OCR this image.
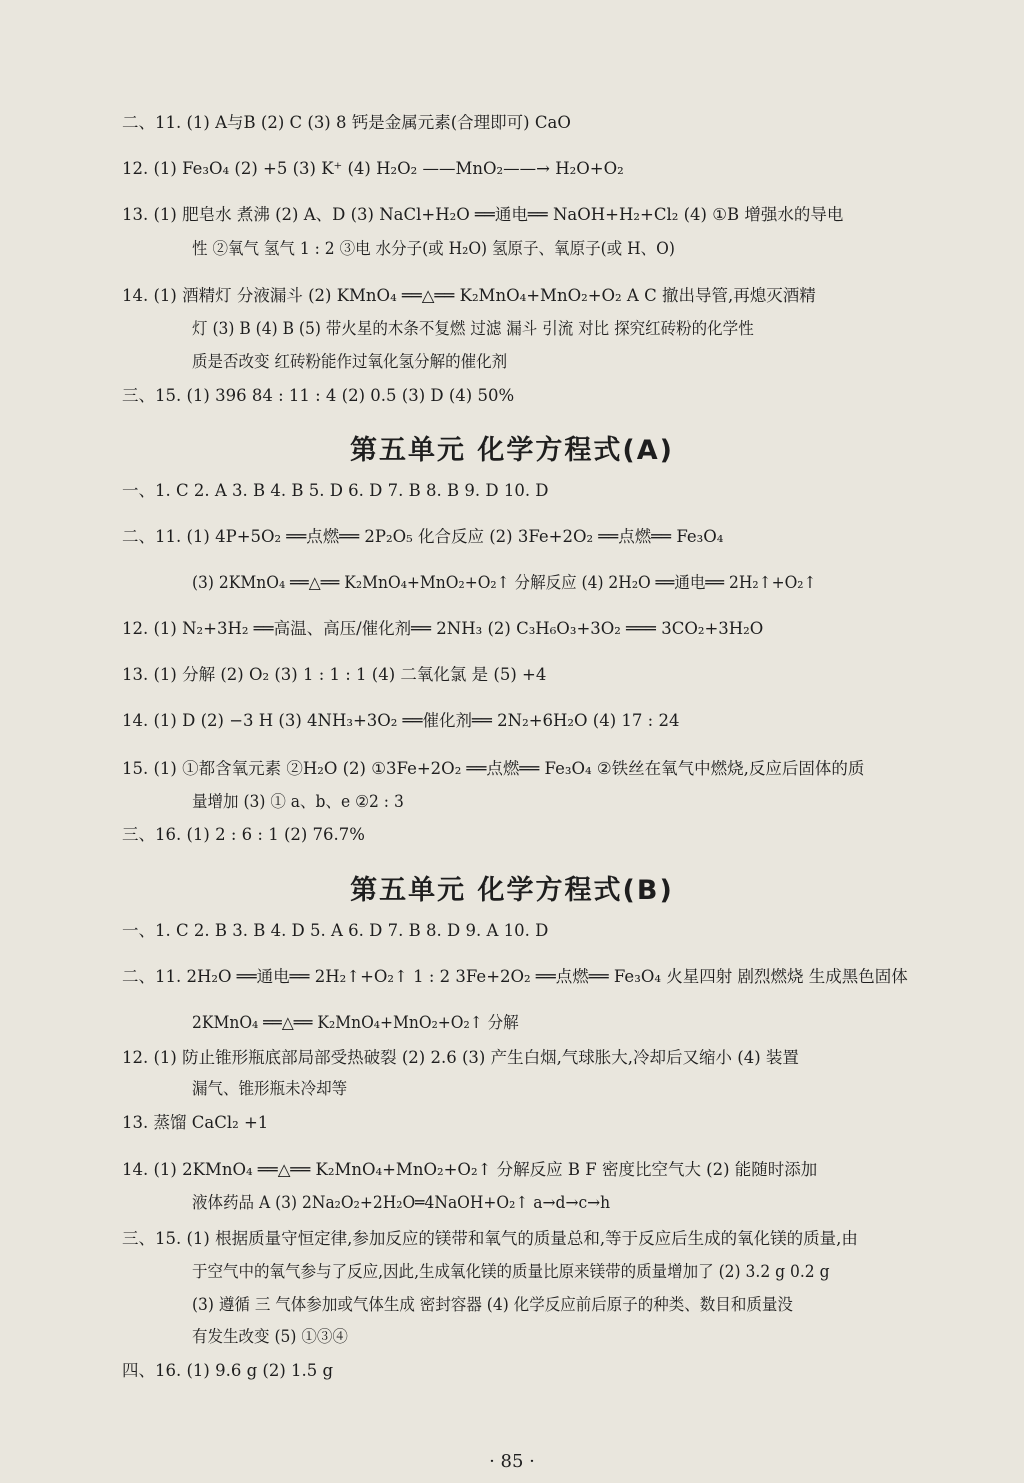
二、11. (1) A与B (2) C (3) 8 钙是金属元素(合理即可) CaO
12. (1) Fe₃O₄ (2) +5 (3) K⁺ (4) H₂O₂ ——MnO₂——→ H₂O+O₂
13. (1) 肥皂水 煮沸 (2) A、D (3) NaCl+H₂O ══通电══ NaOH+H₂+Cl₂ (4) ①B 增强水的导电
性 ②氧气 氢气 1 : 2 ③电 水分子(或 H₂O) 氢原子、氧原子(或 H、O)
14. (1) 酒精灯 分液漏斗 (2) KMnO₄ ══△══ K₂MnO₄+MnO₂+O₂ A C 撤出导管,再熄灭酒精
灯 (3) B (4) B (5) 带火星的木条不复燃 过滤 漏斗 引流 对比 探究红砖粉的化学性
质是否改变 红砖粉能作过氧化氢分解的催化剂
三、15. (1) 396 84 : 11 : 4 (2) 0.5 (3) D (4) 50%
第五单元 化学方程式(A)
一、1. C 2. A 3. B 4. B 5. D 6. D 7. B 8. B 9. D 10. D
二、11. (1) 4P+5O₂ ══点燃══ 2P₂O₅ 化合反应 (2) 3Fe+2O₂ ══点燃══ Fe₃O₄
(3) 2KMnO₄ ══△══ K₂MnO₄+MnO₂+O₂↑ 分解反应 (4) 2H₂O ══通电══ 2H₂↑+O₂↑
12. (1) N₂+3H₂ ══高温、高压/催化剂══ 2NH₃ (2) C₃H₆O₃+3O₂ ═══ 3CO₂+3H₂O
13. (1) 分解 (2) O₂ (3) 1 : 1 : 1 (4) 二氧化氯 是 (5) +4
14. (1) D (2) −3 H (3) 4NH₃+3O₂ ══催化剂══ 2N₂+6H₂O (4) 17 : 24
15. (1) ①都含氧元素 ②H₂O (2) ①3Fe+2O₂ ══点燃══ Fe₃O₄ ②铁丝在氧气中燃烧,反应后固体的质
量增加 (3) ① a、b、e ②2 : 3
三、16. (1) 2 : 6 : 1 (2) 76.7%
第五单元 化学方程式(B)
一、1. C 2. B 3. B 4. D 5. A 6. D 7. B 8. D 9. A 10. D
二、11. 2H₂O ══通电══ 2H₂↑+O₂↑ 1 : 2 3Fe+2O₂ ══点燃══ Fe₃O₄ 火星四射 剧烈燃烧 生成黑色固体
2KMnO₄ ══△══ K₂MnO₄+MnO₂+O₂↑ 分解
12. (1) 防止锥形瓶底部局部受热破裂 (2) 2.6 (3) 产生白烟,气球胀大,冷却后又缩小 (4) 装置
漏气、锥形瓶未冷却等
13. 蒸馏 CaCl₂ +1
14. (1) 2KMnO₄ ══△══ K₂MnO₄+MnO₂+O₂↑ 分解反应 B F 密度比空气大 (2) 能随时添加
液体药品 A (3) 2Na₂O₂+2H₂O═4NaOH+O₂↑ a→d→c→h
三、15. (1) 根据质量守恒定律,参加反应的镁带和氧气的质量总和,等于反应后生成的氧化镁的质量,由
于空气中的氧气参与了反应,因此,生成氧化镁的质量比原来镁带的质量增加了 (2) 3.2 g 0.2 g
(3) 遵循 三 气体参加或气体生成 密封容器 (4) 化学反应前后原子的种类、数目和质量没
有发生改变 (5) ①③④
四、16. (1) 9.6 g (2) 1.5 g
· 85 ·
